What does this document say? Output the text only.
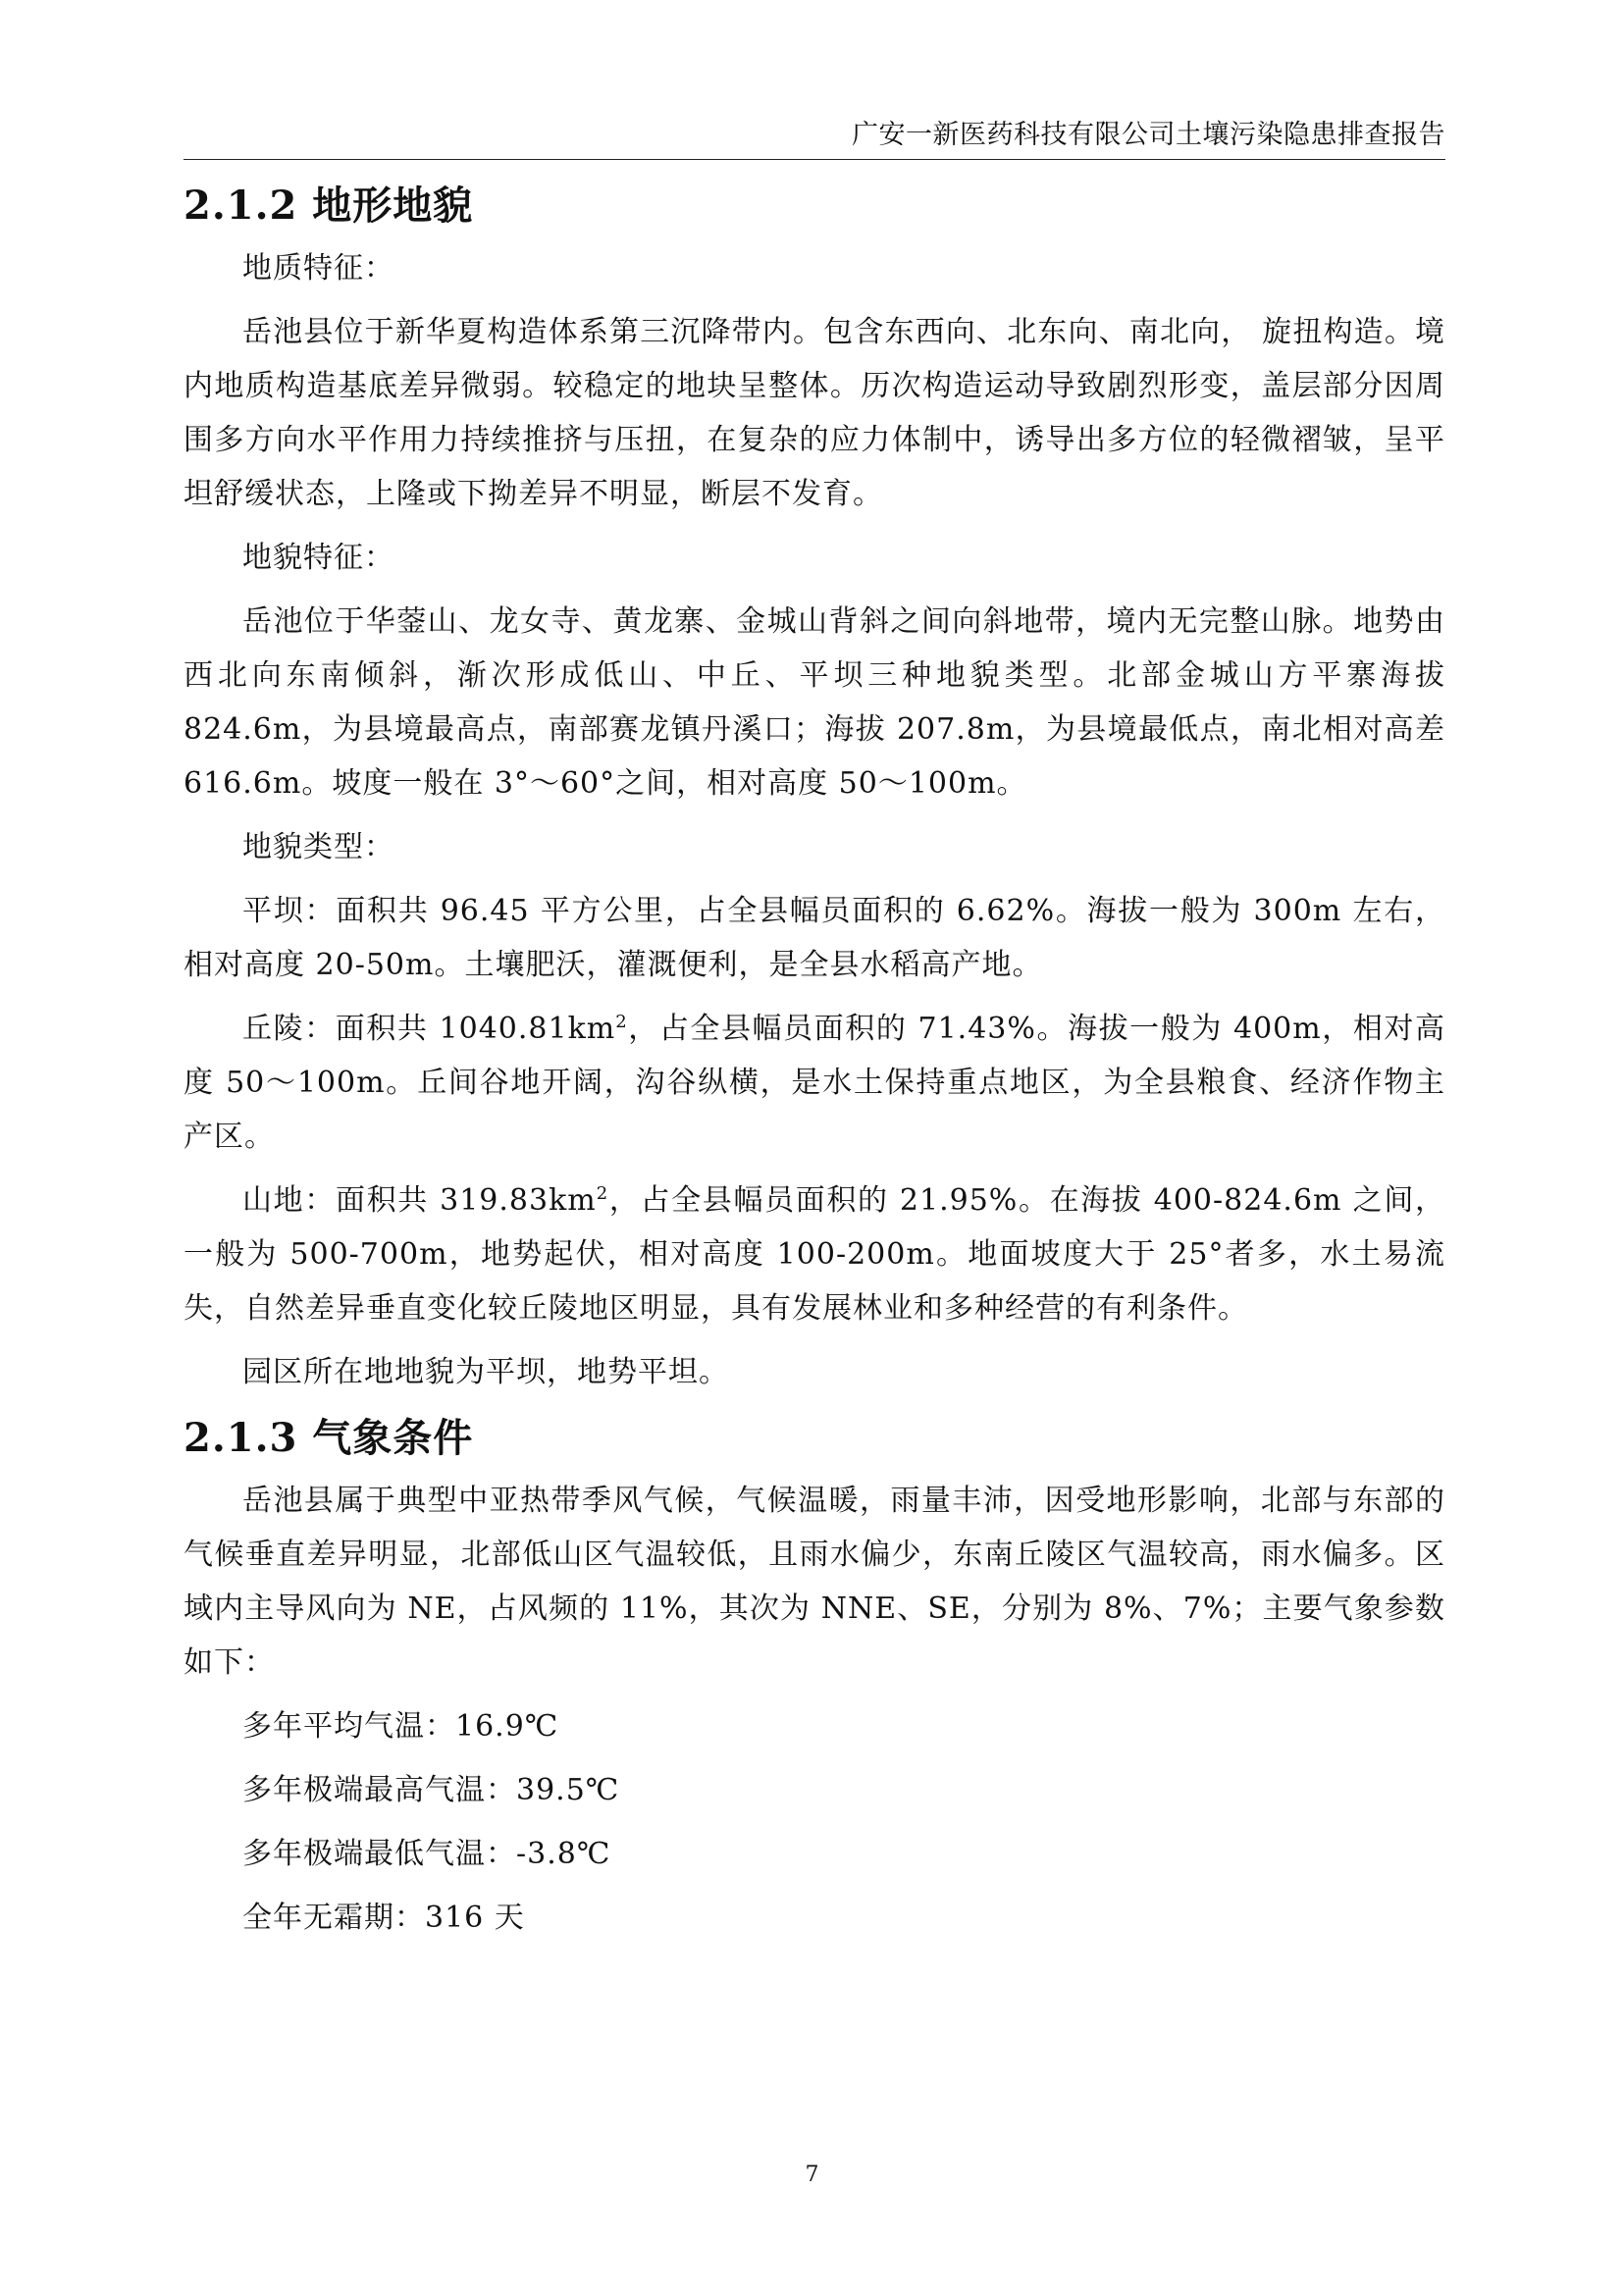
广安一新医药科技有限公司土壤污染隐患排查报告
2.1.2 地形地貌

地质特征：

岳池县位于新华夏构造体系第三沉降带内。包含东西向、北东向、南北向， 旋扭构造。境内地质构造基底差异微弱。较稳定的地块呈整体。历次构造运动导致剧烈形变，盖层部分因周围多方向水平作用力持续推挤与压扭，在复杂的应力体制中，诱导出多方位的轻微褶皱，呈平坦舒缓状态，上隆或下拗差异不明显，断层不发育。

地貌特征：

岳池位于华蓥山、龙女寺、黄龙寨、金城山背斜之间向斜地带，境内无完整山脉。地势由西北向东南倾斜，渐次形成低山、中丘、平坝三种地貌类型。北部金城山方平寨海拔824.6m，为县境最高点，南部赛龙镇丹溪口；海拔 207.8m，为县境最低点，南北相对高差 616.6m。坡度一般在 3°～60°之间，相对高度 50～100m。

地貌类型：

平坝：面积共 96.45 平方公里，占全县幅员面积的 6.62%。海拔一般为 300m 左右，相对高度 20-50m。土壤肥沃，灌溉便利，是全县水稻高产地。

丘陵：面积共 $1040.81km^2$，占全县幅员面积的 71.43%。海拔一般为 400m，相对高度 50～100m。丘间谷地开阔，沟谷纵横，是水土保持重点地区，为全县粮食、经济作物主产区。

山地：面积共 $319.83km^2$，占全县幅员面积的 21.95%。在海拔 400-824.6m 之间，一般为 500-700m，地势起伏，相对高度 100-200m。地面坡度大于 25°者多，水土易流失，自然差异垂直变化较丘陵地区明显，具有发展林业和多种经营的有利条件。

园区所在地地貌为平坝，地势平坦。

2.1.3 气象条件

岳池县属于典型中亚热带季风气候，气候温暖，雨量丰沛，因受地形影响，北部与东部的气候垂直差异明显，北部低山区气温较低，且雨水偏少，东南丘陵区气温较高，雨水偏多。区域内主导风向为 NE，占风频的 11%，其次为 NNE、SE，分别为 8%、7%；主要气象参数如下：

多年平均气温：16.9℃

多年极端最高气温：39.5℃

多年极端最低气温：-3.8℃

全年无霜期：316 天

7
